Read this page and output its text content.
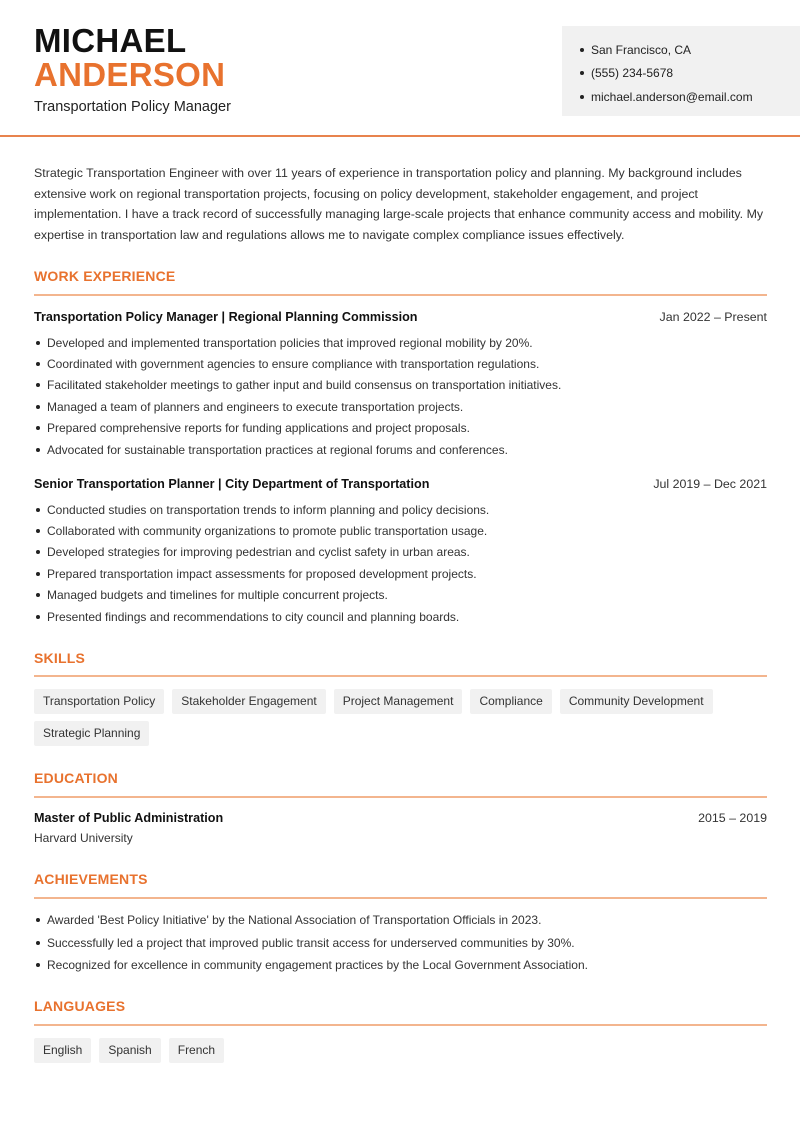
MICHAEL
ANDERSON
Transportation Policy Manager
San Francisco, CA
(555) 234-5678
michael.anderson@email.com

Strategic Transportation Engineer with over 11 years of experience in transportation policy and planning. My background includes extensive work on regional transportation projects, focusing on policy development, stakeholder engagement, and project implementation. I have a track record of successfully managing large-scale projects that enhance community access and mobility. My expertise in transportation law and regulations allows me to navigate complex compliance issues effectively.

WORK EXPERIENCE
Transportation Policy Manager | Regional Planning Commission	Jan 2022 – Present
Developed and implemented transportation policies that improved regional mobility by 20%.
Coordinated with government agencies to ensure compliance with transportation regulations.
Facilitated stakeholder meetings to gather input and build consensus on transportation initiatives.
Managed a team of planners and engineers to execute transportation projects.
Prepared comprehensive reports for funding applications and project proposals.
Advocated for sustainable transportation practices at regional forums and conferences.
Senior Transportation Planner | City Department of Transportation	Jul 2019 – Dec 2021
Conducted studies on transportation trends to inform planning and policy decisions.
Collaborated with community organizations to promote public transportation usage.
Developed strategies for improving pedestrian and cyclist safety in urban areas.
Prepared transportation impact assessments for proposed development projects.
Managed budgets and timelines for multiple concurrent projects.
Presented findings and recommendations to city council and planning boards.
SKILLS
Transportation Policy	Stakeholder Engagement	Project Management	Compliance	Community Development
Strategic Planning
EDUCATION
Master of Public Administration	2015 – 2019
Harvard University
ACHIEVEMENTS
Awarded 'Best Policy Initiative' by the National Association of Transportation Officials in 2023.
Successfully led a project that improved public transit access for underserved communities by 30%.
Recognized for excellence in community engagement practices by the Local Government Association.
LANGUAGES
English	Spanish	French
